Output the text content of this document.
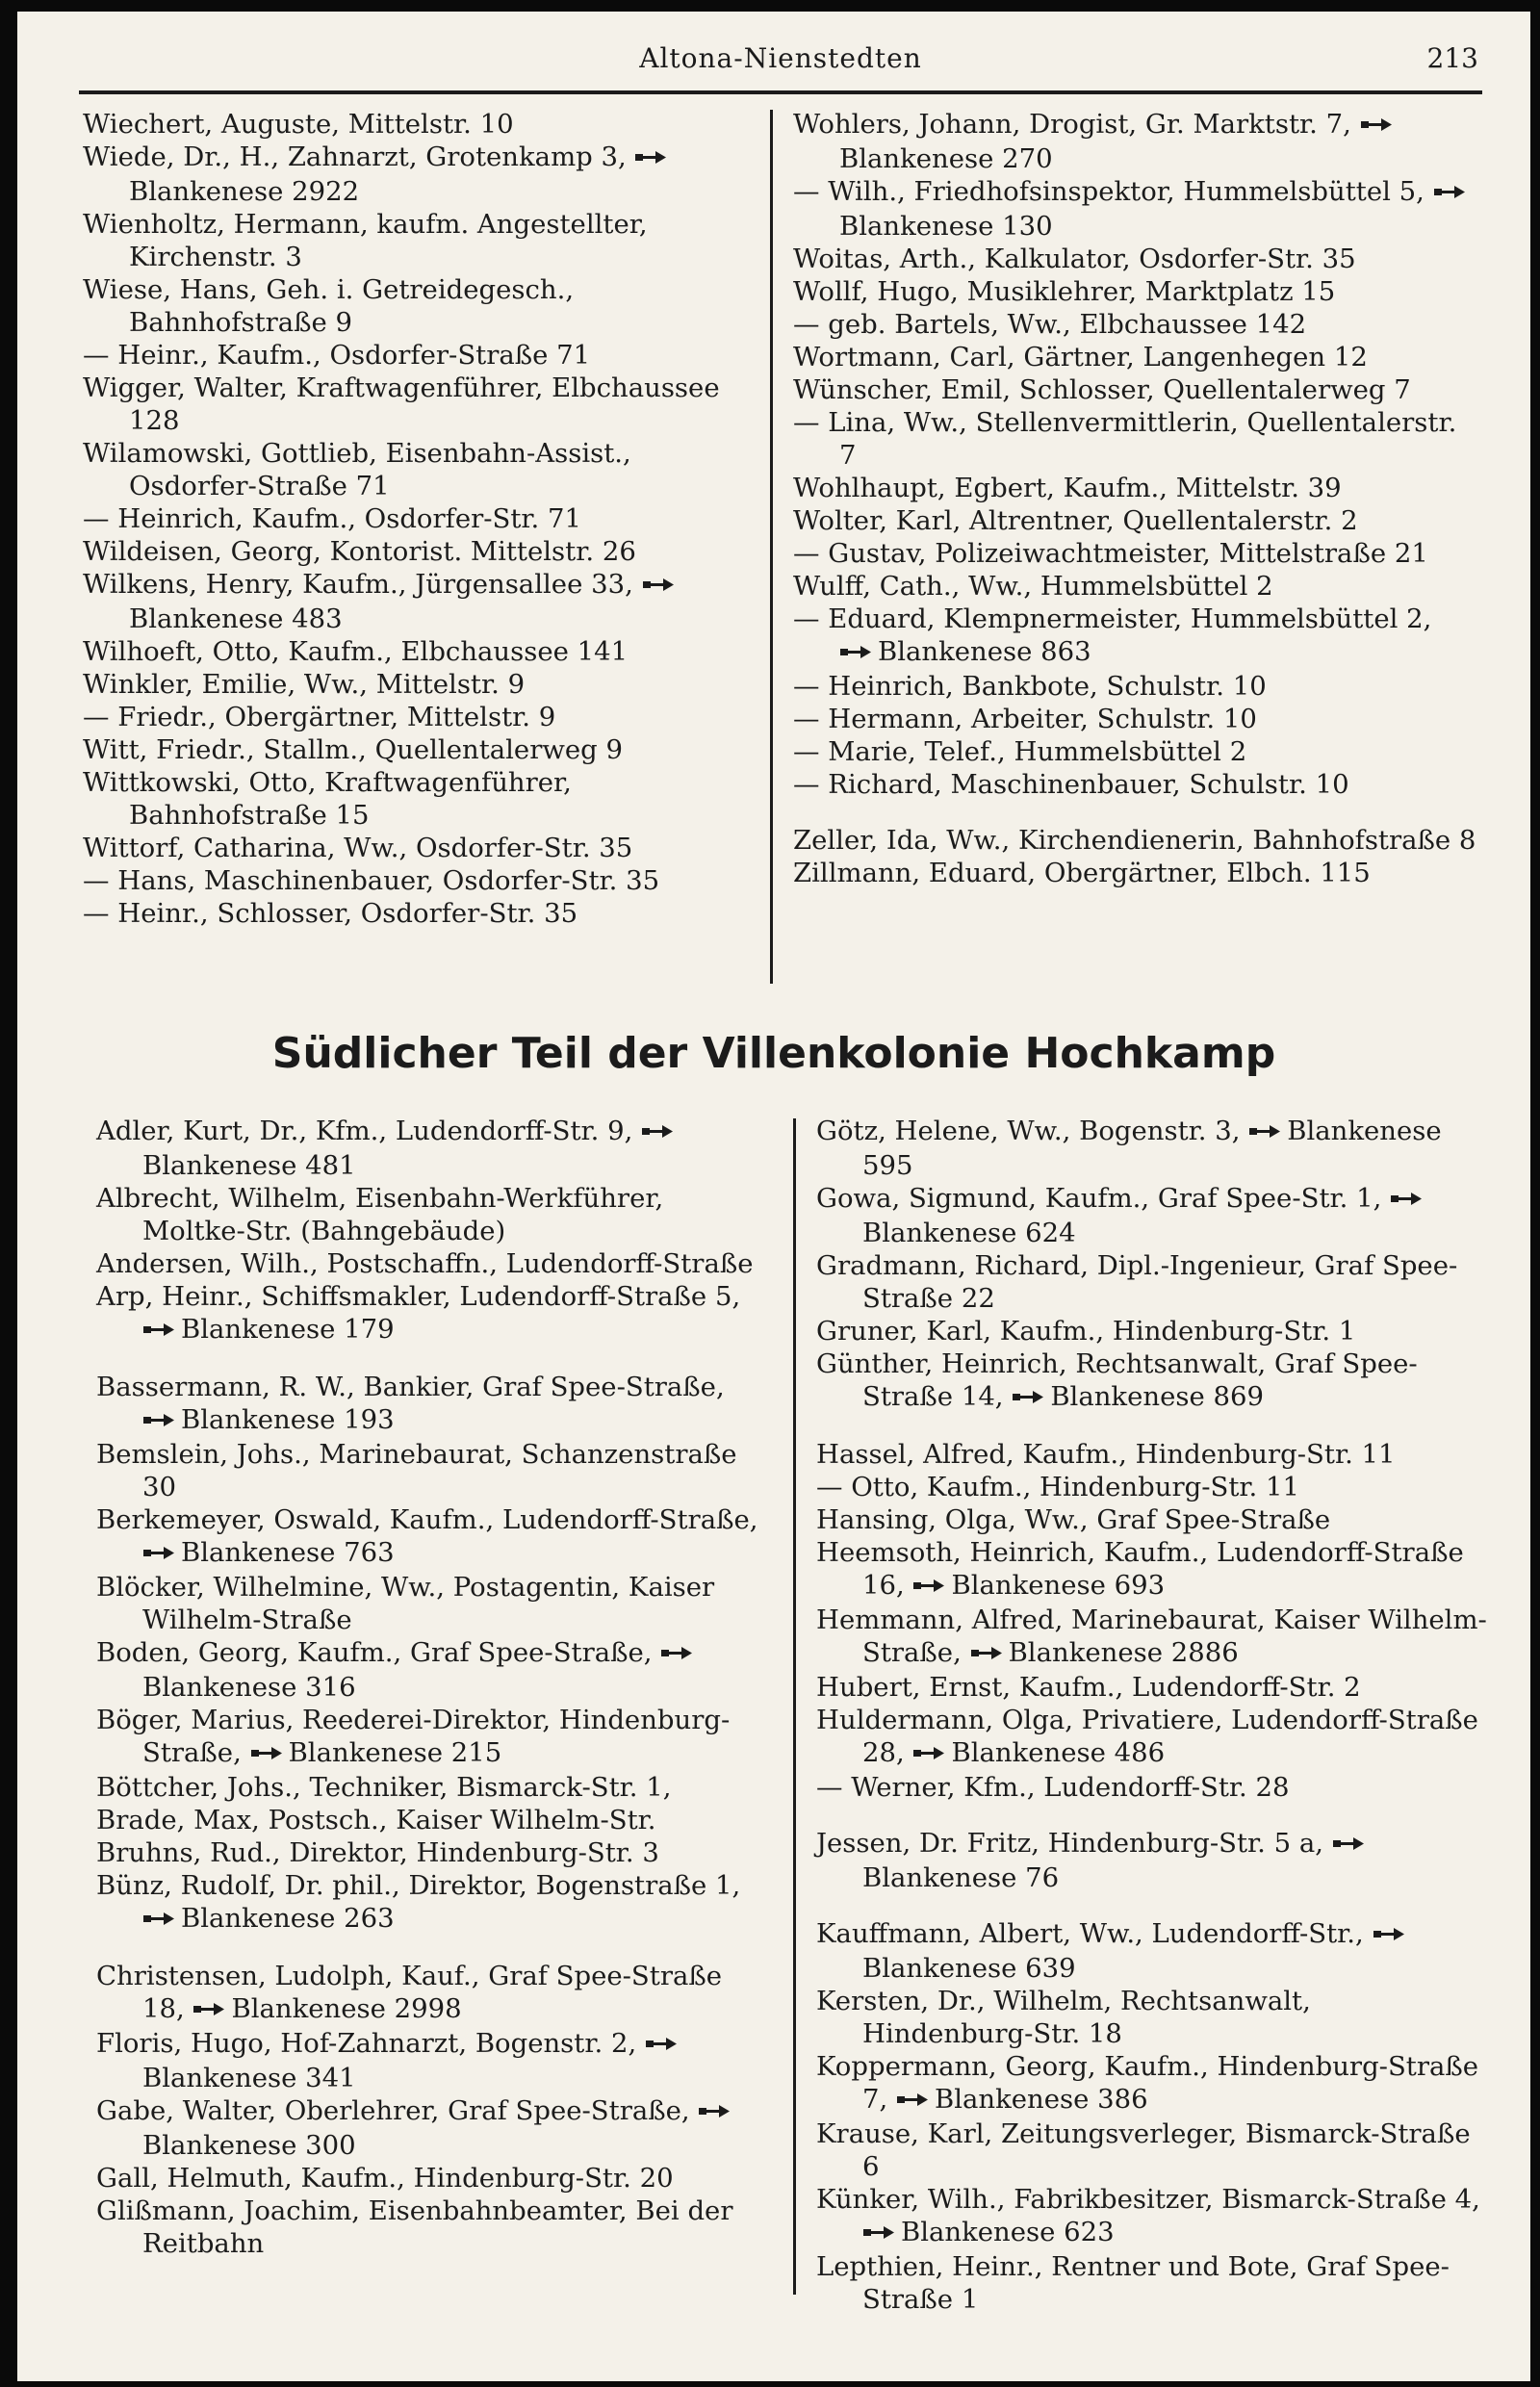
Altona-Nienstedten	213

Wiechert, Auguste, Mittelstr. 10

Wiede, Dr., H., Zahnarzt, Grotenkamp 3, Blankenese 2922

Wienholtz, Hermann, kaufm. Angestellter, Kirchenstr. 3

Wiese, Hans, Geh. i. Getreidegesch., Bahnhofstraße 9

— Heinr., Kaufm., Osdorfer-Straße 71

Wigger, Walter, Kraftwagenführer, Elbchaussee 128

Wilamowski, Gottlieb, Eisenbahn-Assist., Osdorfer-Straße 71

— Heinrich, Kaufm., Osdorfer-Str. 71

Wildeisen, Georg, Kontorist. Mittelstr. 26

Wilkens, Henry, Kaufm., Jürgensallee 33, Blankenese 483

Wilhoeft, Otto, Kaufm., Elbchaussee 141

Winkler, Emilie, Ww., Mittelstr. 9

— Friedr., Obergärtner, Mittelstr. 9

Witt, Friedr., Stallm., Quellentalerweg 9

Wittkowski, Otto, Kraftwagenführer, Bahnhofstraße 15

Wittorf, Catharina, Ww., Osdorfer-Str. 35

— Hans, Maschinenbauer, Osdorfer-Str. 35

— Heinr., Schlosser, Osdorfer-Str. 35

Wohlers, Johann, Drogist, Gr. Marktstr. 7, Blankenese 270

— Wilh., Friedhofsinspektor, Hummelsbüttel 5, Blankenese 130

Woitas, Arth., Kalkulator, Osdorfer-Str. 35

Wollf, Hugo, Musiklehrer, Marktplatz 15

— geb. Bartels, Ww., Elbchaussee 142

Wortmann, Carl, Gärtner, Langenhegen 12

Wünscher, Emil, Schlosser, Quellentalerweg 7

— Lina, Ww., Stellenvermittlerin, Quellentalerstr. 7

Wohlhaupt, Egbert, Kaufm., Mittelstr. 39

Wolter, Karl, Altrentner, Quellentalerstr. 2

— Gustav, Polizeiwachtmeister, Mittelstraße 21

Wulff, Cath., Ww., Hummelsbüttel 2

— Eduard, Klempnermeister, Hummelsbüttel 2, Blankenese 863

— Heinrich, Bankbote, Schulstr. 10

— Hermann, Arbeiter, Schulstr. 10

— Marie, Telef., Hummelsbüttel 2

— Richard, Maschinenbauer, Schulstr. 10

Zeller, Ida, Ww., Kirchendienerin, Bahnhofstraße 8

Zillmann, Eduard, Obergärtner, Elbch. 115

Südlicher Teil der Villenkolonie Hochkamp

Adler, Kurt, Dr., Kfm., Ludendorff-Str. 9, Blankenese 481

Albrecht, Wilhelm, Eisenbahn-Werkführer, Moltke-Str. (Bahngebäude)

Andersen, Wilh., Postschaffn., Ludendorff-Straße

Arp, Heinr., Schiffsmakler, Ludendorff-Straße 5, Blankenese 179

Bassermann, R. W., Bankier, Graf Spee-Straße, Blankenese 193

Bemslein, Johs., Marinebaurat, Schanzenstraße 30

Berkemeyer, Oswald, Kaufm., Ludendorff-Straße, Blankenese 763

Blöcker, Wilhelmine, Ww., Postagentin, Kaiser Wilhelm-Straße

Boden, Georg, Kaufm., Graf Spee-Straße, Blankenese 316

Böger, Marius, Reederei-Direktor, Hindenburg-Straße, Blankenese 215

Böttcher, Johs., Techniker, Bismarck-Str. 1,

Brade, Max, Postsch., Kaiser Wilhelm-Str.

Bruhns, Rud., Direktor, Hindenburg-Str. 3

Bünz, Rudolf, Dr. phil., Direktor, Bogenstraße 1, Blankenese 263

Christensen, Ludolph, Kauf., Graf Spee-Straße 18, Blankenese 2998

Floris, Hugo, Hof-Zahnarzt, Bogenstr. 2, Blankenese 341

Gabe, Walter, Oberlehrer, Graf Spee-Straße, Blankenese 300

Gall, Helmuth, Kaufm., Hindenburg-Str. 20

Glißmann, Joachim, Eisenbahnbeamter, Bei der Reitbahn

Götz, Helene, Ww., Bogenstr. 3, Blankenese 595

Gowa, Sigmund, Kaufm., Graf Spee-Str. 1, Blankenese 624

Gradmann, Richard, Dipl.-Ingenieur, Graf Spee-Straße 22

Gruner, Karl, Kaufm., Hindenburg-Str. 1

Günther, Heinrich, Rechtsanwalt, Graf Spee-Straße 14, Blankenese 869

Hassel, Alfred, Kaufm., Hindenburg-Str. 11

— Otto, Kaufm., Hindenburg-Str. 11

Hansing, Olga, Ww., Graf Spee-Straße

Heemsoth, Heinrich, Kaufm., Ludendorff-Straße 16, Blankenese 693

Hemmann, Alfred, Marinebaurat, Kaiser Wilhelm-Straße, Blankenese 2886

Hubert, Ernst, Kaufm., Ludendorff-Str. 2

Huldermann, Olga, Privatiere, Ludendorff-Straße 28, Blankenese 486

— Werner, Kfm., Ludendorff-Str. 28

Jessen, Dr. Fritz, Hindenburg-Str. 5 a, Blankenese 76

Kauffmann, Albert, Ww., Ludendorff-Str., Blankenese 639

Kersten, Dr., Wilhelm, Rechtsanwalt, Hindenburg-Str. 18

Koppermann, Georg, Kaufm., Hindenburg-Straße 7, Blankenese 386

Krause, Karl, Zeitungsverleger, Bismarck-Straße 6

Künker, Wilh., Fabrikbesitzer, Bismarck-Straße 4, Blankenese 623

Lepthien, Heinr., Rentner und Bote, Graf Spee-Straße 1
